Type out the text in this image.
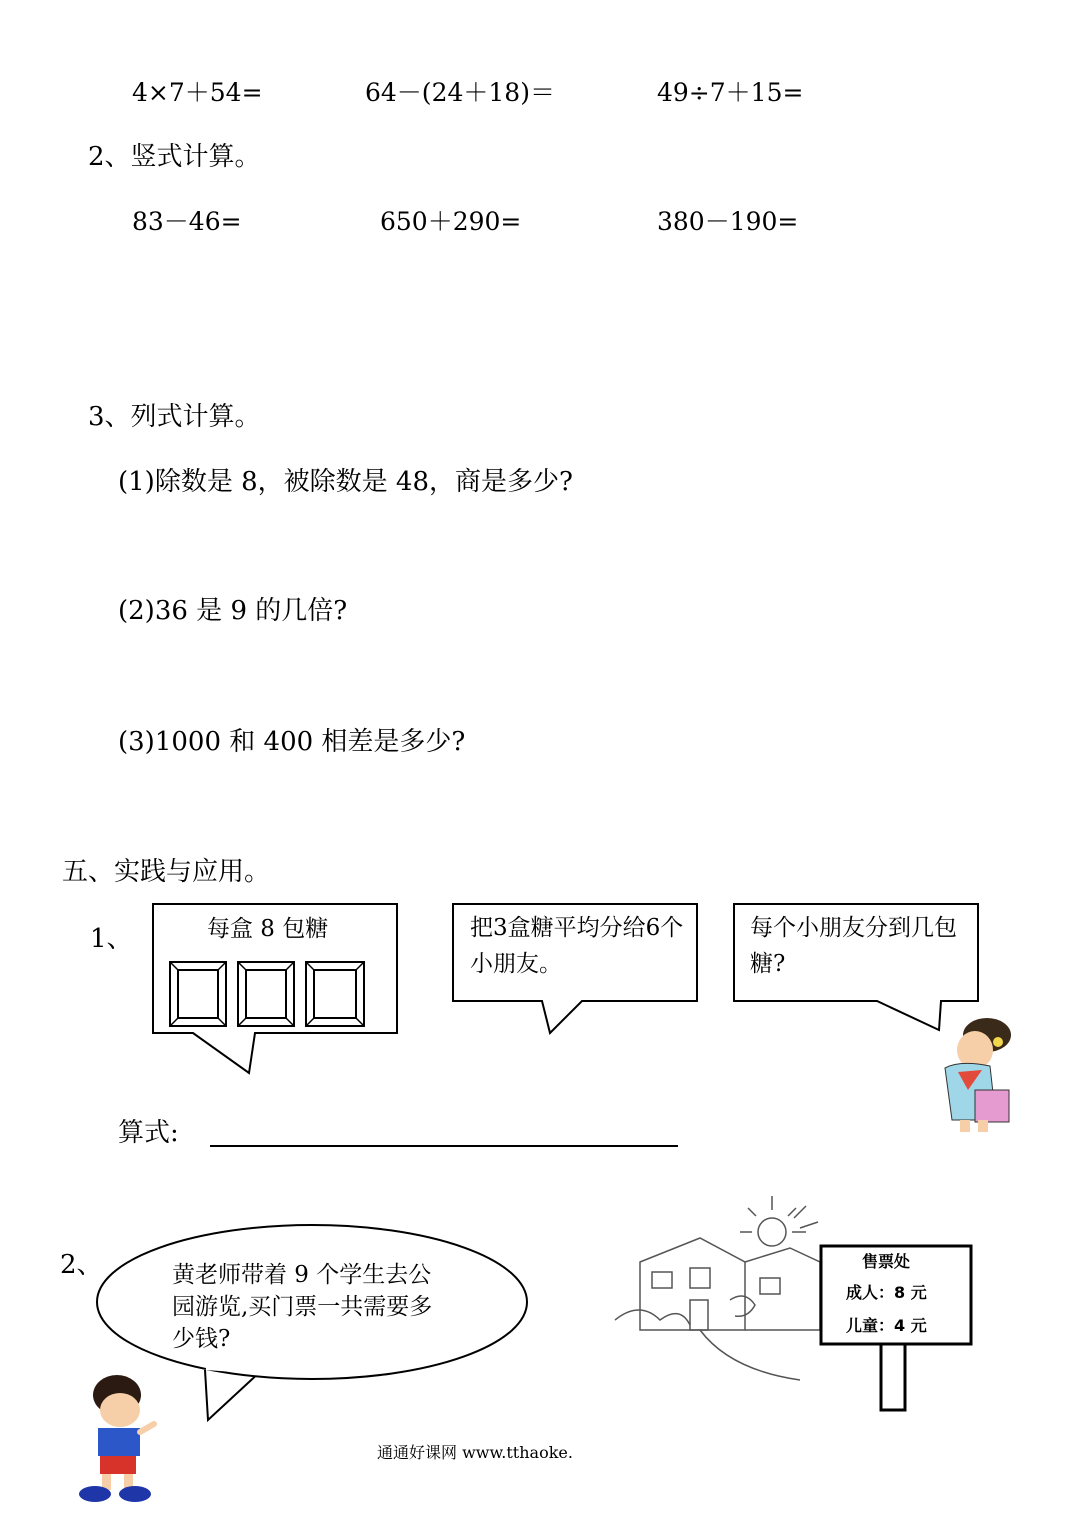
4×7＋54=	64－(24＋18)＝	49÷7＋15=
2、竖式计算。
83－46=	650＋290=	380－190=
3、列式计算。
(1)除数是 8，被除数是 48，商是多少?
(2)36 是 9 的几倍?
(3)1000 和 400 相差是多少?
五、实践与应用。
1、	每盒 8 包糖	把3盒糖平均分给6个小朋友。
每个小朋友分到几包糖?
算式:
2、	黄老师带着 9 个学生去公园游览,买门票一共需要多少钱?
售票处
成人：8 元
儿童：4 元
通通好课网 www.tthaoke.
